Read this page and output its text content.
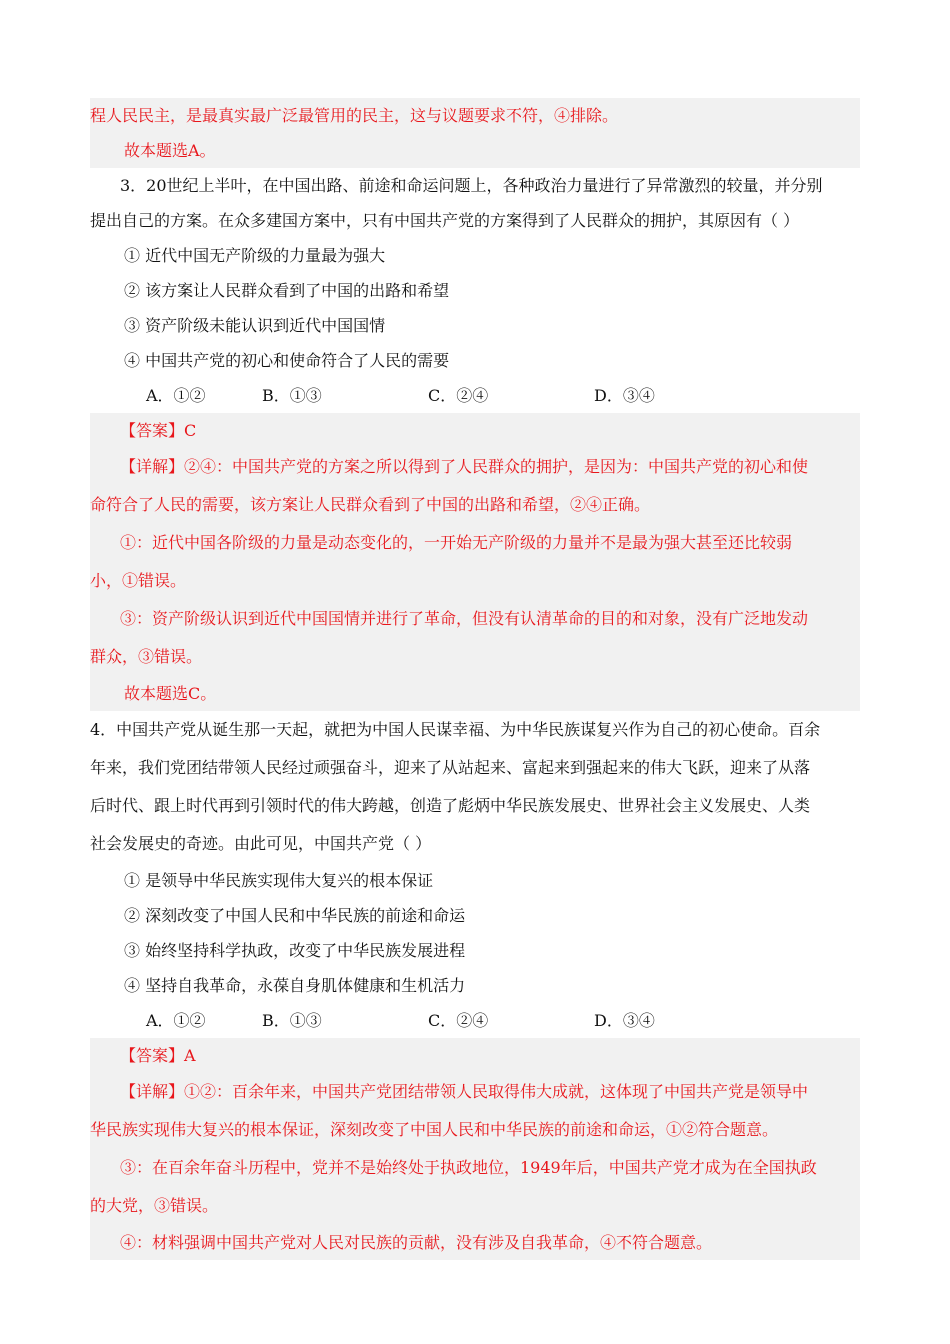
程人民民主，是最真实最广泛最管用的民主，这与议题要求不符，④排除。
故本题选A。
3．20世纪上半叶，在中国出路、前途和命运问题上，各种政治力量进行了异常激烈的较量，并分别
提出自己的方案。在众多建国方案中，只有中国共产党的方案得到了人民群众的拥护，其原因有（ ）
① 近代中国无产阶级的力量最为强大
② 该方案让人民群众看到了中国的出路和希望
③ 资产阶级未能认识到近代中国国情
④ 中国共产党的初心和使命符合了人民的需要
A．①②	B．①③	C．②④	D．③④
【答案】C
【详解】②④：中国共产党的方案之所以得到了人民群众的拥护，是因为：中国共产党的初心和使
命符合了人民的需要，该方案让人民群众看到了中国的出路和希望，②④正确。
①：近代中国各阶级的力量是动态变化的，一开始无产阶级的力量并不是最为强大甚至还比较弱
小，①错误。
③：资产阶级认识到近代中国国情并进行了革命，但没有认清革命的目的和对象，没有广泛地发动
群众，③错误。
故本题选C。
4．中国共产党从诞生那一天起，就把为中国人民谋幸福、为中华民族谋复兴作为自己的初心使命。百余
年来，我们党团结带领人民经过顽强奋斗，迎来了从站起来、富起来到强起来的伟大飞跃，迎来了从落
后时代、跟上时代再到引领时代的伟大跨越，创造了彪炳中华民族发展史、世界社会主义发展史、人类
社会发展史的奇迹。由此可见，中国共产党（ ）
① 是领导中华民族实现伟大复兴的根本保证
② 深刻改变了中国人民和中华民族的前途和命运
③ 始终坚持科学执政，改变了中华民族发展进程
④ 坚持自我革命，永葆自身肌体健康和生机活力
A．①②	B．①③	C．②④	D．③④
【答案】A
【详解】①②：百余年来，中国共产党团结带领人民取得伟大成就，这体现了中国共产党是领导中
华民族实现伟大复兴的根本保证，深刻改变了中国人民和中华民族的前途和命运，①②符合题意。
③：在百余年奋斗历程中，党并不是始终处于执政地位，1949年后，中国共产党才成为在全国执政
的大党，③错误。
④：材料强调中国共产党对人民对民族的贡献，没有涉及自我革命，④不符合题意。
